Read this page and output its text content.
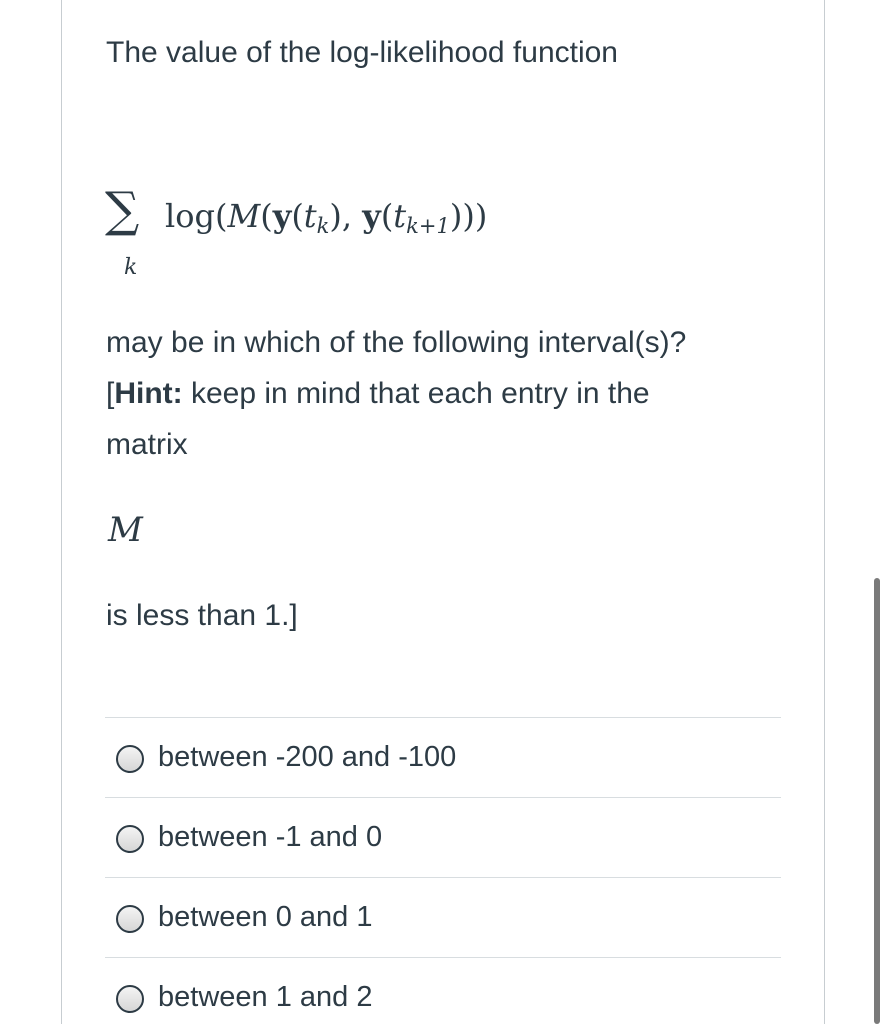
The value of the log-likelihood function
∑
k
$\log(M(y(t_k)$, $y(t_{k+1})$))
may be in which of the following interval(s)?
[Hint: keep in mind that each entry in the
matrix
M
is less than 1.]
between -200 and -100
between -1 and 0
between 0 and 1
between 1 and 2
